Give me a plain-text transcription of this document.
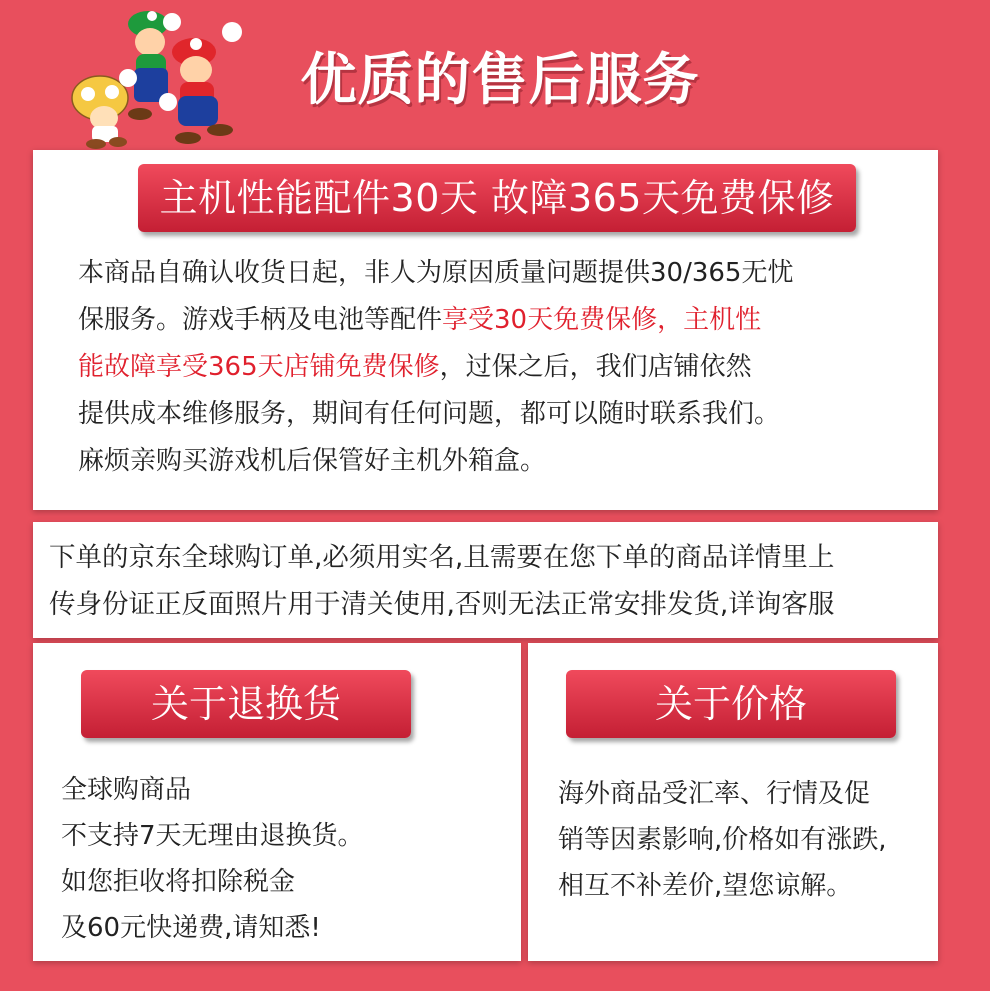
优质的售后服务
主机性能配件30天 故障365天免费保修
本商品自确认收货日起，非人为原因质量问题提供30/365无忧
保服务。游戏手柄及电池等配件享受30天免费保修，主机性
能故障享受365天店铺免费保修，过保之后，我们店铺依然
提供成本维修服务，期间有任何问题，都可以随时联系我们。
麻烦亲购买游戏机后保管好主机外箱盒。
下单的京东全球购订单,必须用实名,且需要在您下单的商品详情里上
传身份证正反面照片用于清关使用,否则无法正常安排发货,详询客服
关于退换货
全球购商品
不支持7天无理由退换货。
如您拒收将扣除税金
及60元快递费,请知悉!
关于价格
海外商品受汇率、行情及促
销等因素影响,价格如有涨跌,
相互不补差价,望您谅解。
